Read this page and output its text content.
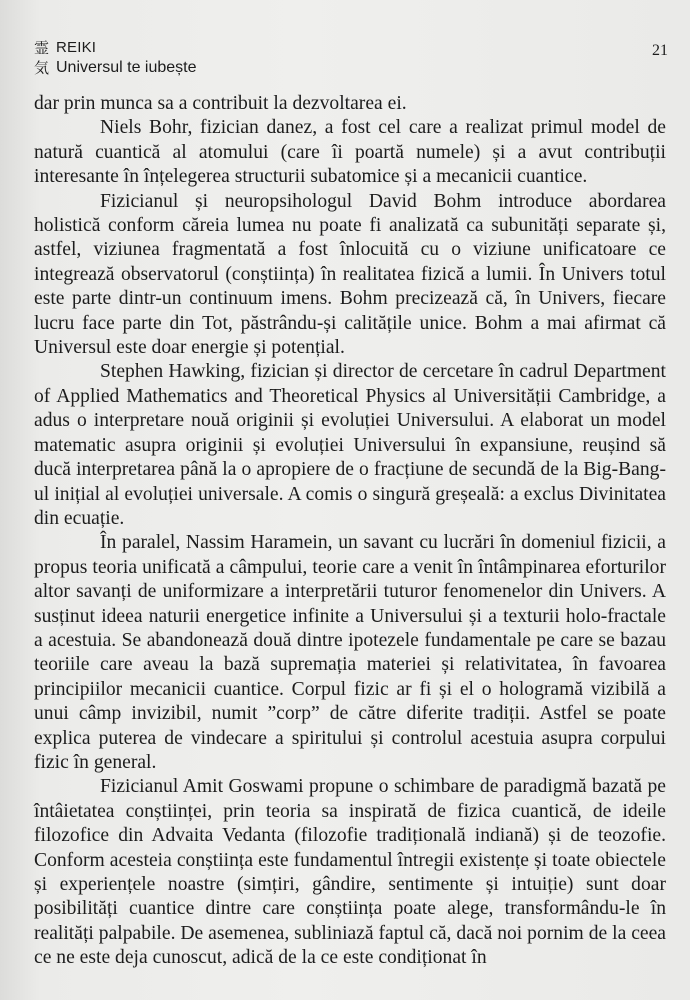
霊 REIKI
気 Universul te iubește
21

dar prin munca sa a contribuit la dezvoltarea ei.

Niels Bohr, fizician danez, a fost cel care a realizat primul model de natură cuantică al atomului (care îi poartă numele) și a avut contribuții interesante în înțelegerea structurii subatomice și a mecanicii cuantice.

Fizicianul și neuropsihologul David Bohm introduce abordarea holistică conform căreia lumea nu poate fi analizată ca subunități separate și, astfel, viziunea fragmentată a fost înlocuită cu o viziune unificatoare ce integrează observatorul (conștiința) în realitatea fizică a lumii. În Univers totul este parte dintr-un continuum imens. Bohm precizează că, în Univers, fiecare lucru face parte din Tot, păstrându-și calitățile unice. Bohm a mai afirmat că Universul este doar energie și potențial.

Stephen Hawking, fizician și director de cercetare în cadrul Department of Applied Mathematics and Theoretical Physics al Universității Cambridge, a adus o interpretare nouă originii și evoluției Universului. A elaborat un model matematic asupra originii și evoluției Universului în expansiune, reușind să ducă interpretarea până la o apropiere de o fracțiune de secundă de la Big-Bang-ul inițial al evoluției universale. A comis o singură greșeală: a exclus Divinitatea din ecuație.

În paralel, Nassim Haramein, un savant cu lucrări în domeniul fizicii, a propus teoria unificată a câmpului, teorie care a venit în întâmpinarea eforturilor altor savanți de uniformizare a interpretării tuturor fenomenelor din Univers. A susținut ideea naturii energetice infinite a Universului și a texturii holo-fractale a acestuia. Se abandonează două dintre ipotezele fundamentale pe care se bazau teoriile care aveau la bază supremația materiei și relativitatea, în favoarea principiilor mecanicii cuantice. Corpul fizic ar fi și el o hologramă vizibilă a unui câmp invizibil, numit ”corp” de către diferite tradiții. Astfel se poate explica puterea de vindecare a spiritului și controlul acestuia asupra corpului fizic în general.

Fizicianul Amit Goswami propune o schimbare de paradigmă bazată pe întâietatea conștiinței, prin teoria sa inspirată de fizica cuantică, de ideile filozofice din Advaita Vedanta (filozofie tradițională indiană) și de teozofie. Conform acesteia conștiința este fundamentul întregii existențe și toate obiectele și experiențele noastre (simțiri, gândire, sentimente și intuiție) sunt doar posibilități cuantice dintre care conștiința poate alege, transformându-le în realități palpabile. De asemenea, subliniază faptul că, dacă noi pornim de la ceea ce ne este deja cunoscut, adică de la ce este condiționat în
